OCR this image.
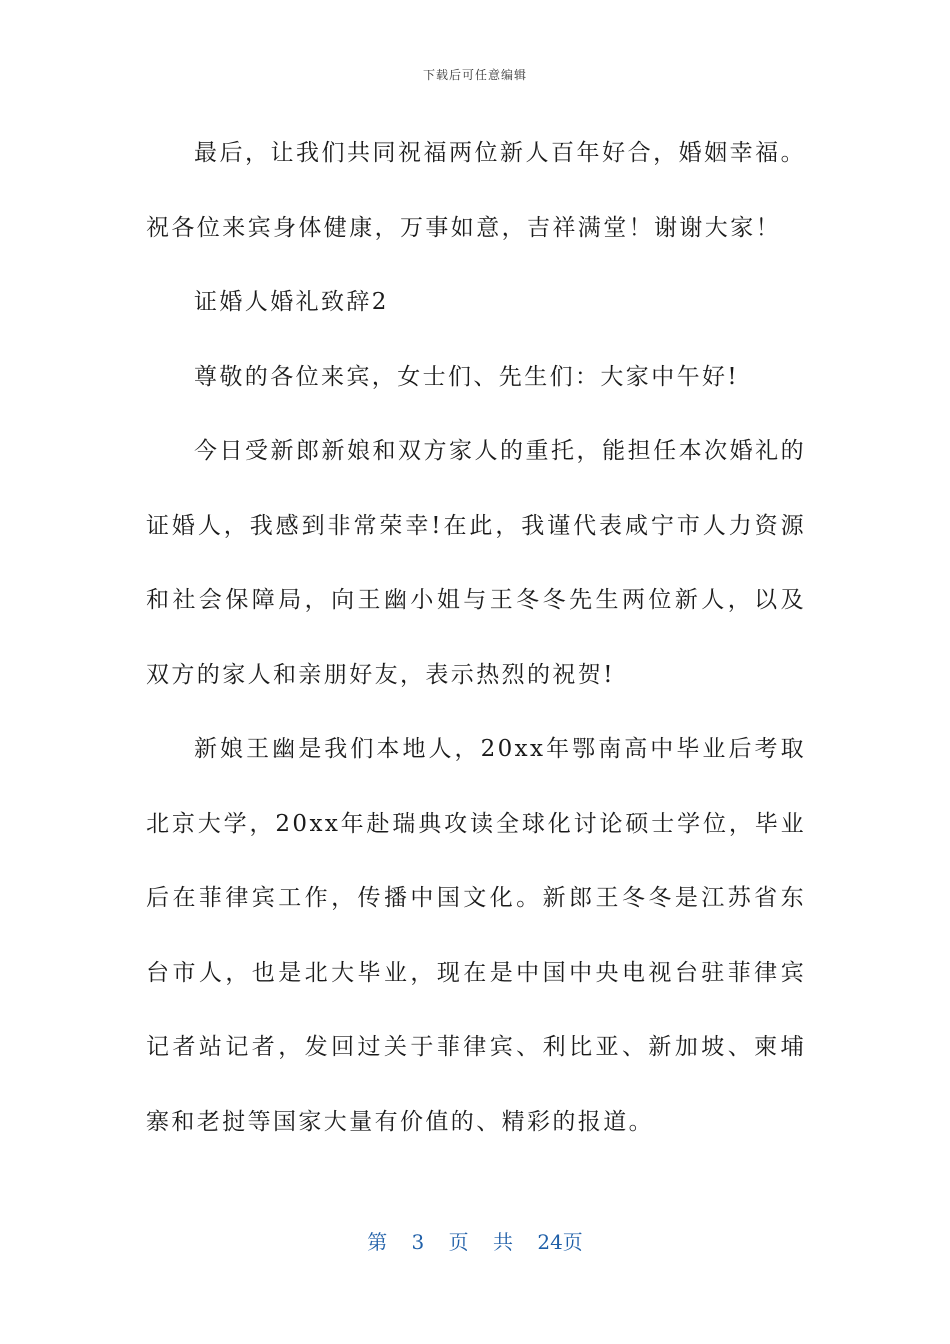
下载后可任意编辑

最后，让我们共同祝福两位新人百年好合，婚姻幸福。祝各位来宾身体健康，万事如意，吉祥满堂！谢谢大家！

证婚人婚礼致辞2

尊敬的各位来宾，女士们、先生们：大家中午好!

今日受新郎新娘和双方家人的重托，能担任本次婚礼的证婚人，我感到非常荣幸!在此，我谨代表咸宁市人力资源和社会保障局，向王幽小姐与王冬冬先生两位新人，以及双方的家人和亲朋好友，表示热烈的祝贺!

新娘王幽是我们本地人，20xx年鄂南高中毕业后考取北京大学，20xx年赴瑞典攻读全球化讨论硕士学位，毕业后在菲律宾工作，传播中国文化。新郎王冬冬是江苏省东台市人，也是北大毕业，现在是中国中央电视台驻菲律宾记者站记者，发回过关于菲律宾、利比亚、新加坡、柬埔寨和老挝等国家大量有价值的、精彩的报道。

第 3 页 共 24页
